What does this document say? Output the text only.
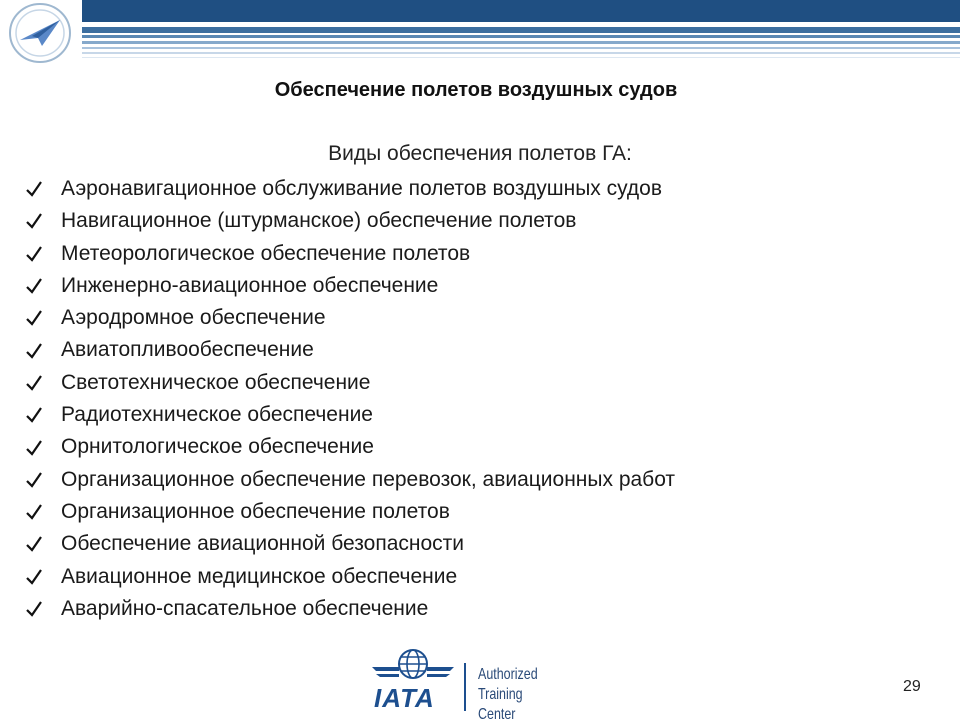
Обеспечение полетов воздушных судов
Виды обеспечения полетов ГА:
Аэронавигационное обслуживание полетов воздушных судов
Навигационное (штурманское) обеспечение полетов
Метеорологическое обеспечение полетов
Инженерно-авиационное обеспечение
Аэродромное обеспечение
Авиатопливообеспечение
Светотехническое обеспечение
Радиотехническое обеспечение
Орнитологическое обеспечение
Организационное обеспечение перевозок, авиационных работ
Организационное обеспечение полетов
Обеспечение авиационной безопасности
Авиационное медицинское обеспечение
Аварийно-спасательное обеспечение
IATA
Authorized
Training Center
29
